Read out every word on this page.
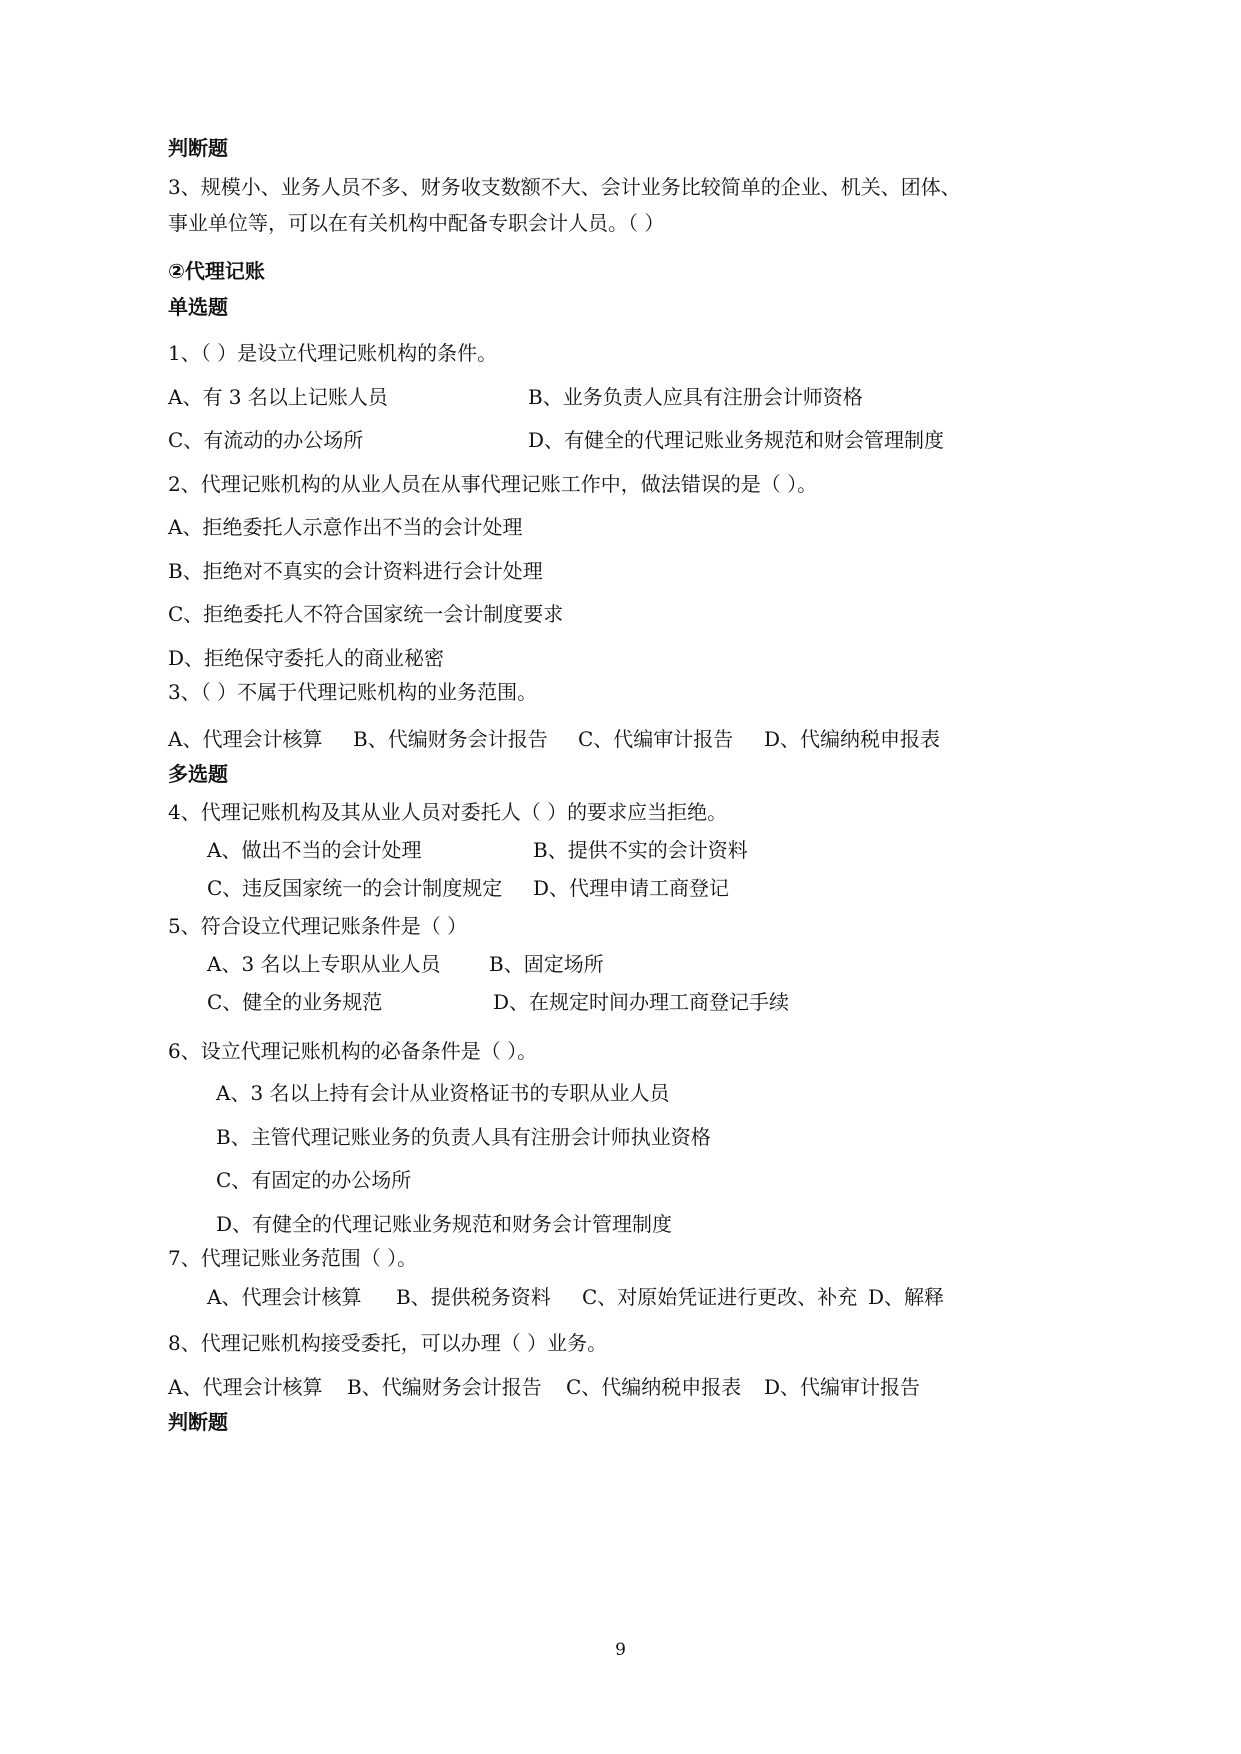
判断题
3、规模小、业务人员不多、财务收支数额不大、会计业务比较简单的企业、机关、团体、
事业单位等，可以在有关机构中配备专职会计人员。（ ）
②代理记账
单选题
1、（ ）是设立代理记账机构的条件。
A、有 3 名以上记账人员	B、业务负责人应具有注册会计师资格
C、有流动的办公场所	D、有健全的代理记账业务规范和财会管理制度
2、代理记账机构的从业人员在从事代理记账工作中，做法错误的是（ ）。
A、拒绝委托人示意作出不当的会计处理
B、拒绝对不真实的会计资料进行会计处理
C、拒绝委托人不符合国家统一会计制度要求
D、拒绝保守委托人的商业秘密
3、（ ）不属于代理记账机构的业务范围。
A、代理会计核算 B、代编财务会计报告 C、代编审计报告 D、代编纳税申报表
多选题
4、代理记账机构及其从业人员对委托人（ ）的要求应当拒绝。
A、做出不当的会计处理	B、提供不实的会计资料
C、违反国家统一的会计制度规定 D、代理申请工商登记
5、符合设立代理记账条件是（ ）
A、3 名以上专职从业人员 B、固定场所
C、健全的业务规范	D、在规定时间办理工商登记手续
6、设立代理记账机构的必备条件是（ ）。
A、3 名以上持有会计从业资格证书的专职从业人员
B、主管代理记账业务的负责人具有注册会计师执业资格
C、有固定的办公场所
D、有健全的代理记账业务规范和财务会计管理制度
7、代理记账业务范围（ ）。
A、代理会计核算 B、提供税务资料 C、对原始凭证进行更改、补充 D、解释
8、代理记账机构接受委托，可以办理（ ）业务。
A、代理会计核算 B、代编财务会计报告 C、代编纳税申报表 D、代编审计报告
判断题
9
